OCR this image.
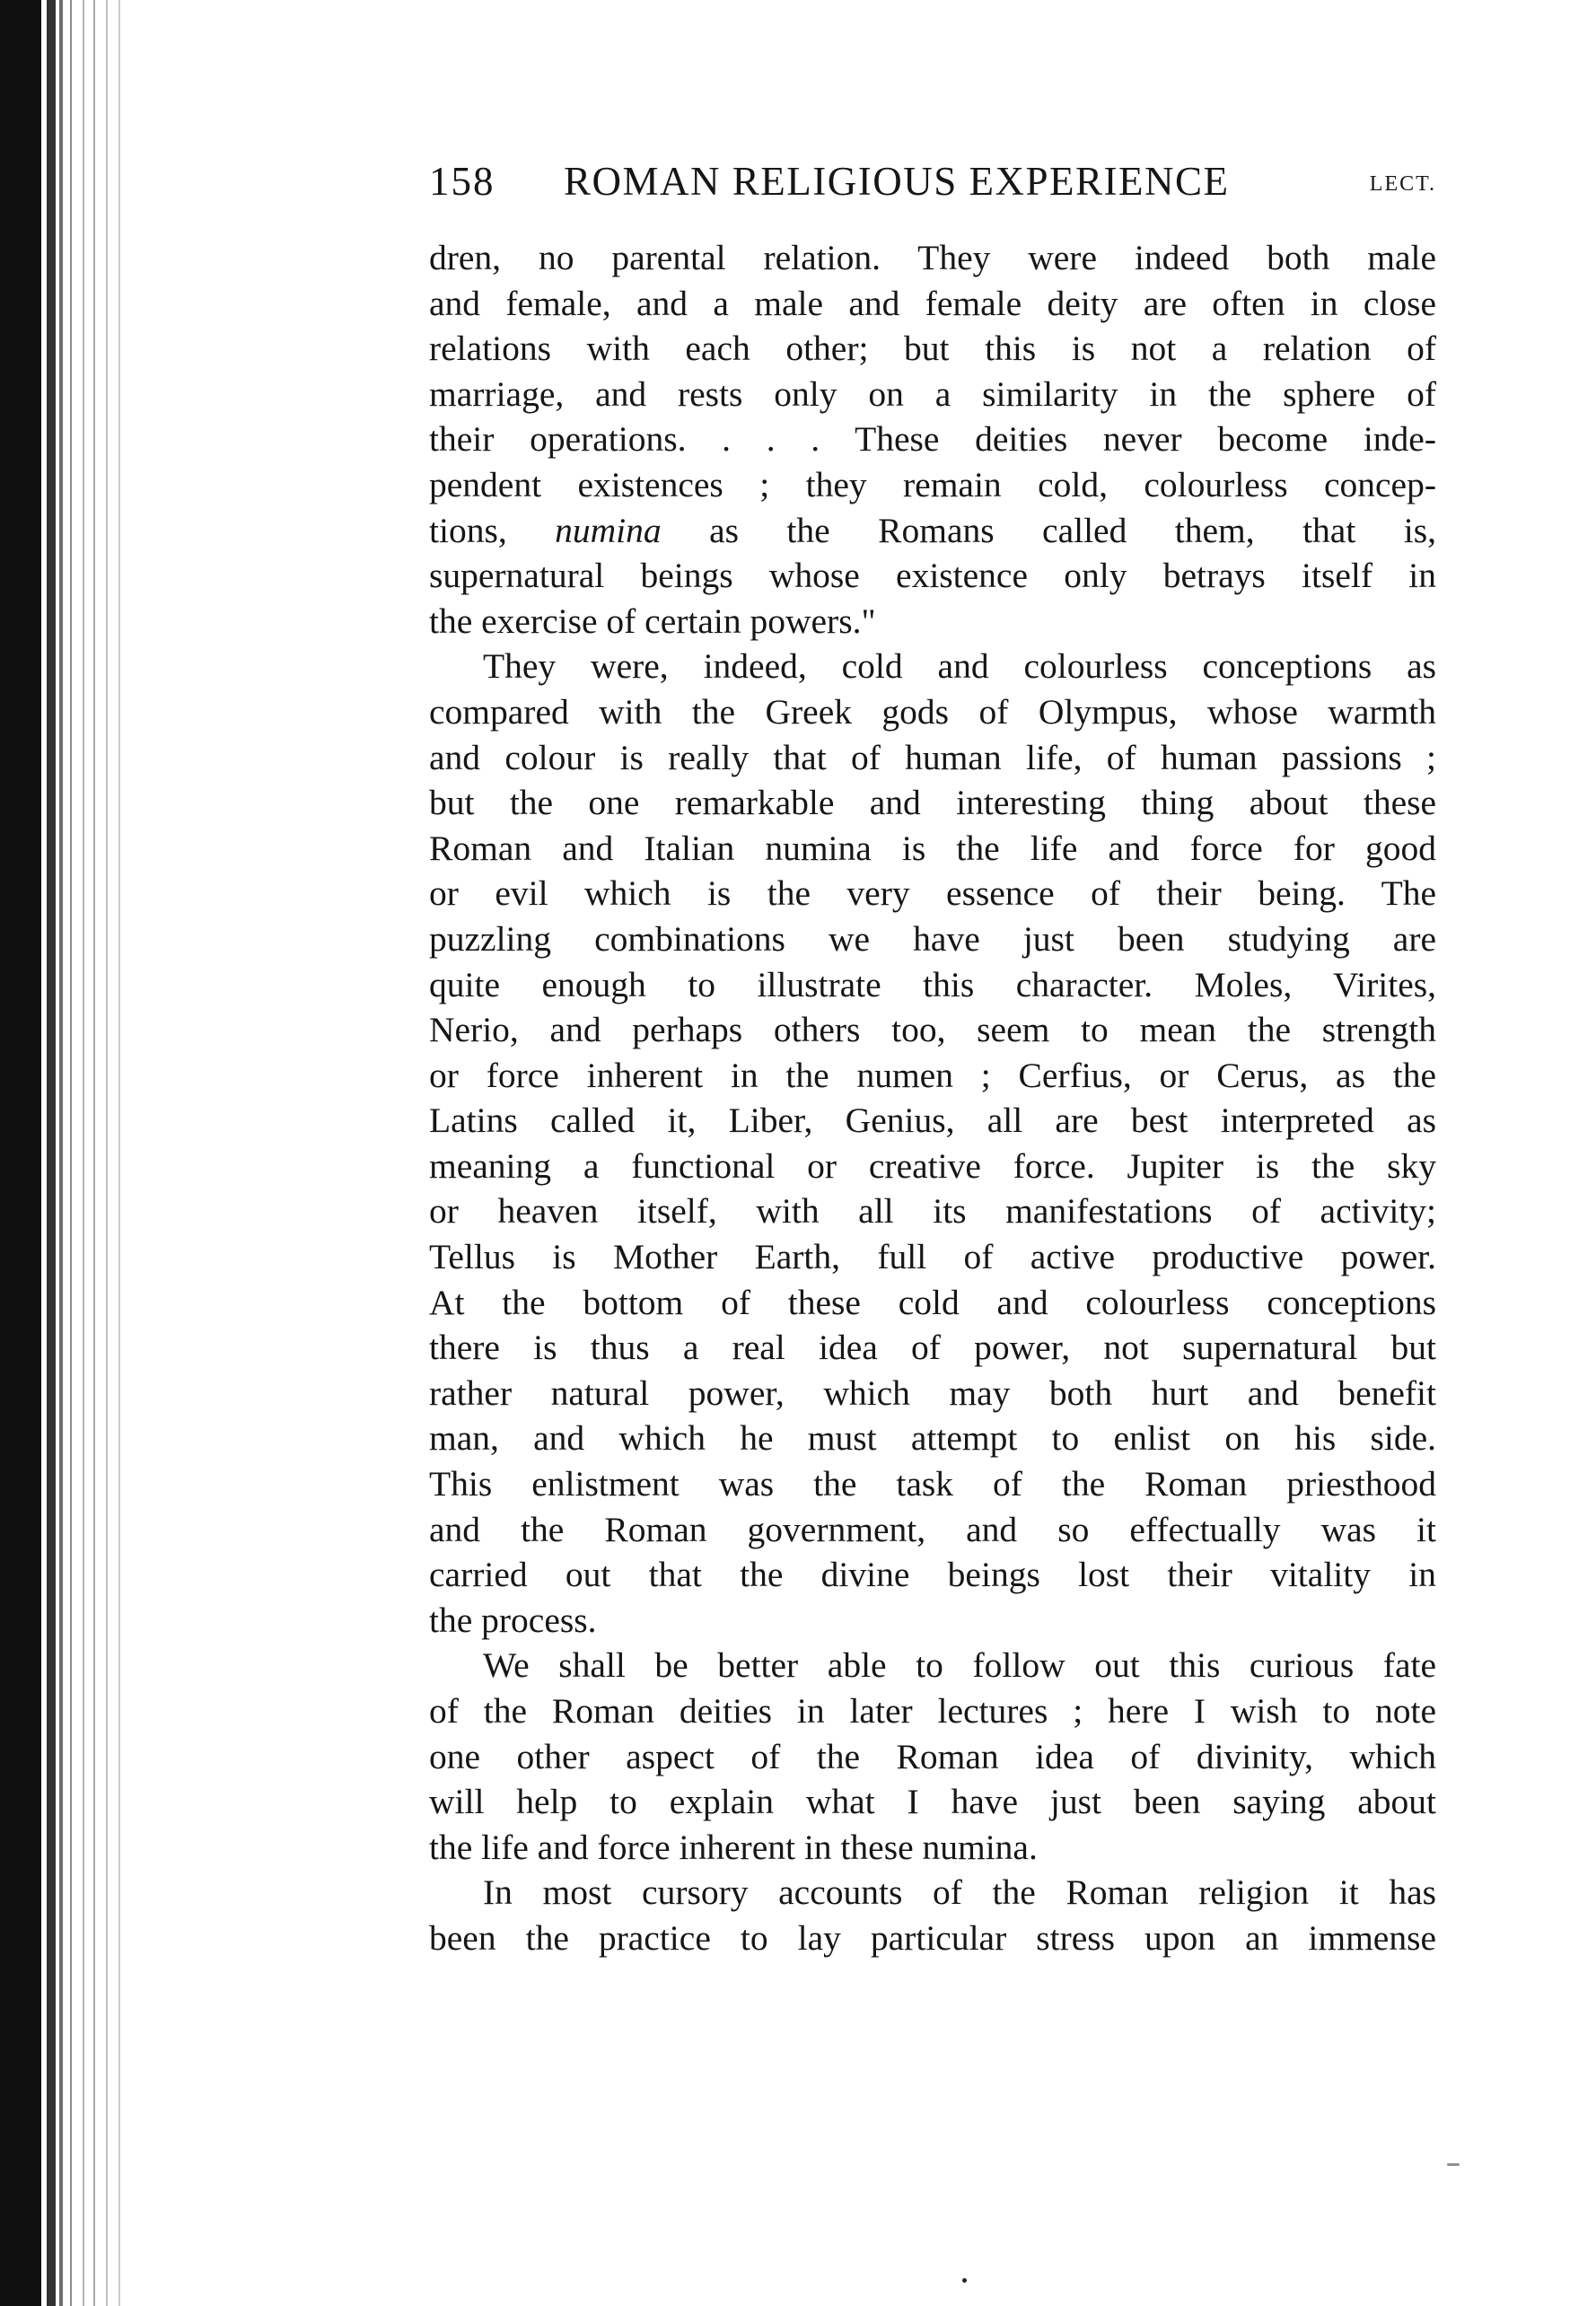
158 ROMAN RELIGIOUS EXPERIENCE	LECT.
dren, no parental relation. They were indeed both male
and female, and a male and female deity are often in close
relations with each other; but this is not a relation of
marriage, and rests only on a similarity in the sphere of
their operations. . . . These deities never become inde-
pendent existences ; they remain cold, colourless concep-
tions, numina as the Romans called them, that is,
supernatural beings whose existence only betrays itself in
the exercise of certain powers."
They were, indeed, cold and colourless conceptions as
compared with the Greek gods of Olympus, whose warmth
and colour is really that of human life, of human passions ;
but the one remarkable and interesting thing about these
Roman and Italian numina is the life and force for good
or evil which is the very essence of their being. The
puzzling combinations we have just been studying are
quite enough to illustrate this character. Moles, Virites,
Nerio, and perhaps others too, seem to mean the strength
or force inherent in the numen ; Cerfius, or Cerus, as the
Latins called it, Liber, Genius, all are best interpreted as
meaning a functional or creative force. Jupiter is the sky
or heaven itself, with all its manifestations of activity;
Tellus is Mother Earth, full of active productive power.
At the bottom of these cold and colourless conceptions
there is thus a real idea of power, not supernatural but
rather natural power, which may both hurt and benefit
man, and which he must attempt to enlist on his side.
This enlistment was the task of the Roman priesthood
and the Roman government, and so effectually was it
carried out that the divine beings lost their vitality in
the process.
We shall be better able to follow out this curious fate
of the Roman deities in later lectures ; here I wish to note
one other aspect of the Roman idea of divinity, which
will help to explain what I have just been saying about
the life and force inherent in these numina.
In most cursory accounts of the Roman religion it has
been the practice to lay particular stress upon an immense
